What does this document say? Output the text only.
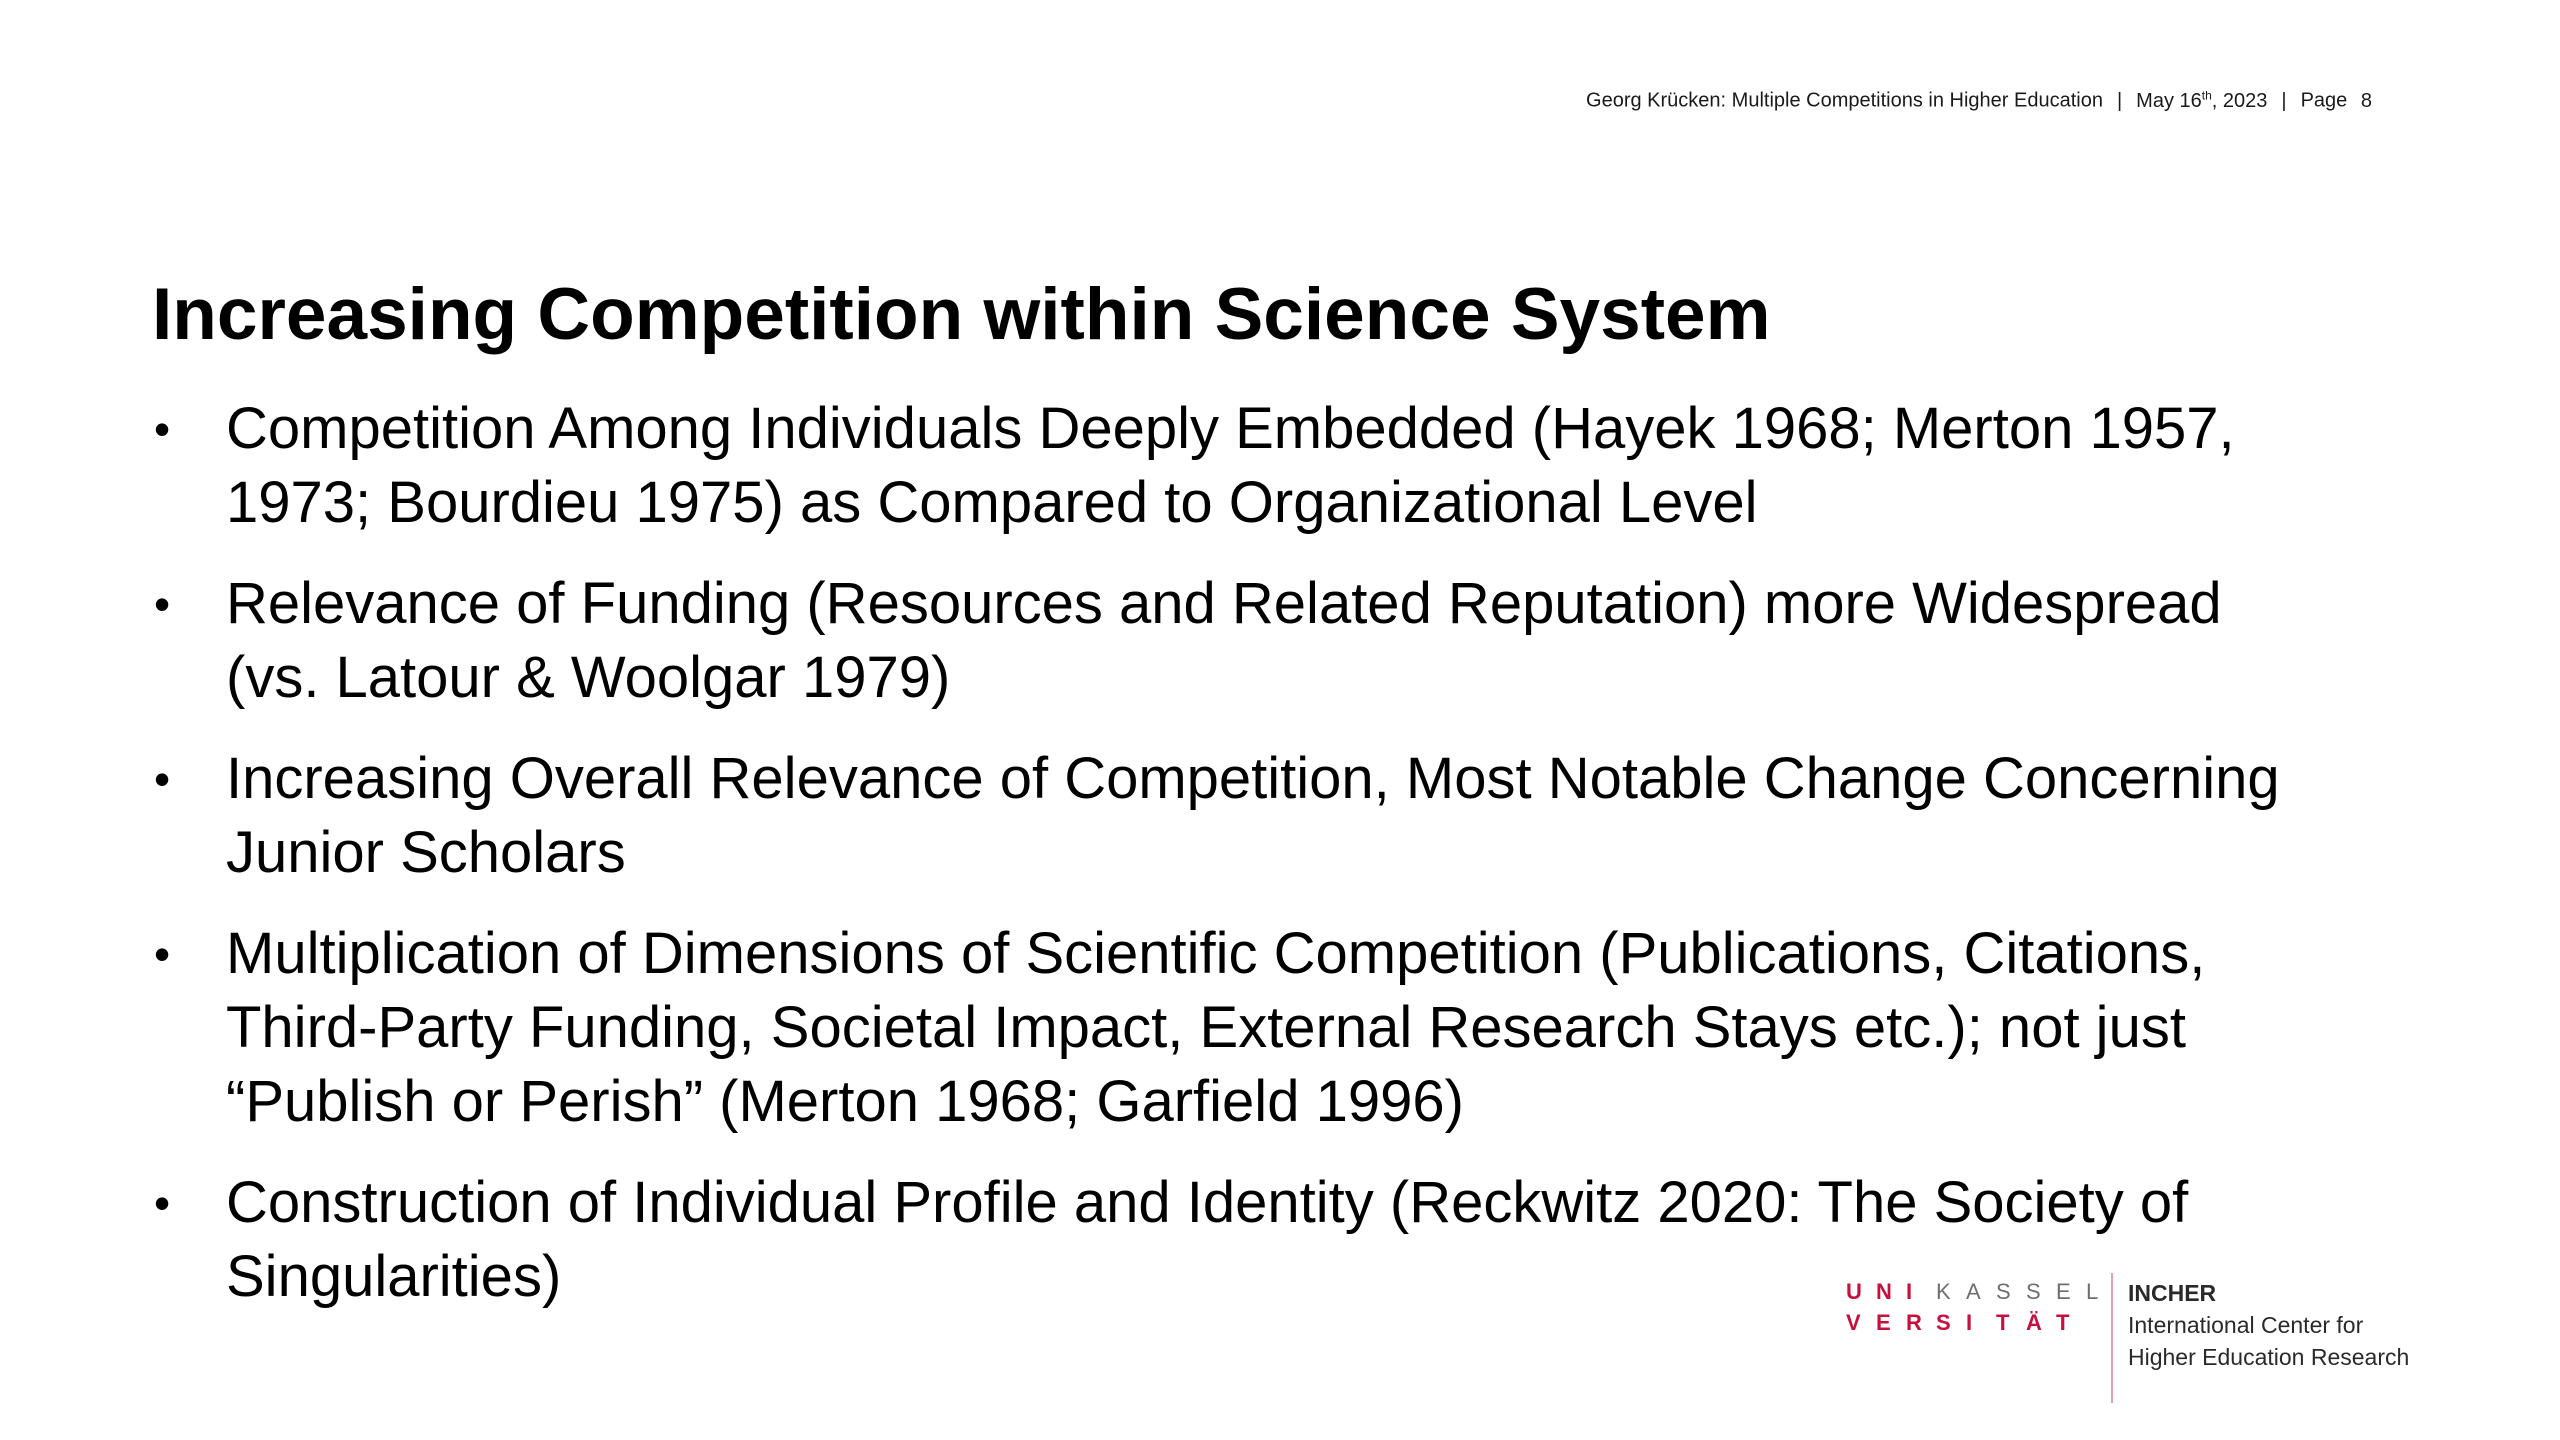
Georg Krücken: Multiple Competitions in Higher Education | May 16th, 2023 | Page 8
Increasing Competition within Science System
• Competition Among Individuals Deeply Embedded (Hayek 1968; Merton 1957,
1973; Bourdieu 1975) as Compared to Organizational Level
• Relevance of Funding (Resources and Related Reputation) more Widespread
(vs. Latour & Woolgar 1979)
• Increasing Overall Relevance of Competition, Most Notable Change Concerning
Junior Scholars
• Multiplication of Dimensions of Scientific Competition (Publications, Citations,
Third-Party Funding, Societal Impact, External Research Stays etc.); not just
“Publish or Perish” (Merton 1968; Garfield 1996)
• Construction of Individual Profile and Identity (Reckwitz 2020: The Society of
Singularities)	U N I	K A S S E L
V E R S I	T Ä T
INCHER
International Center for
Higher Education Research
